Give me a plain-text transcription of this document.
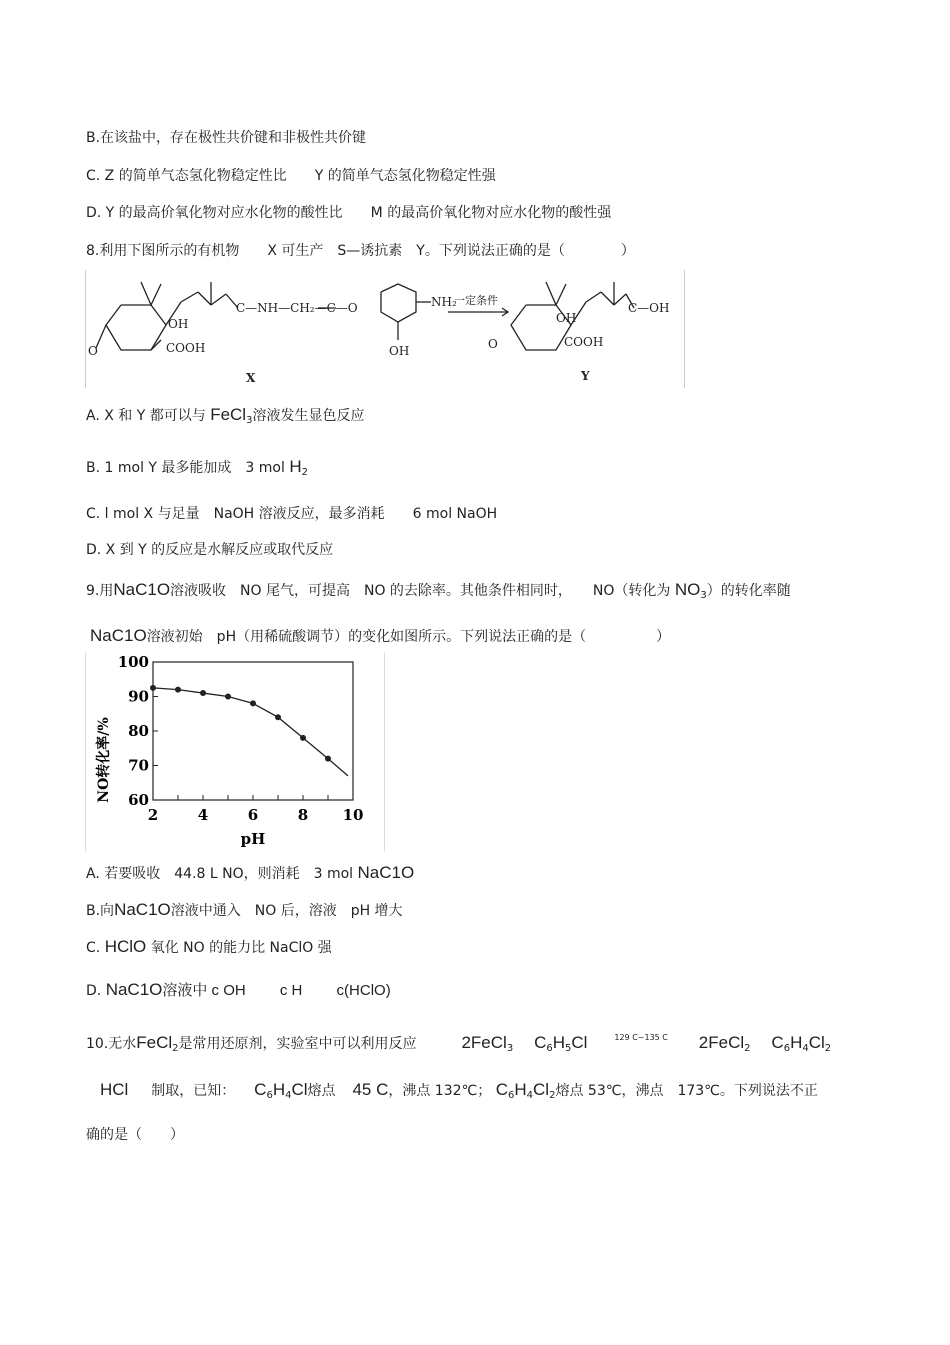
B.在该盐中，存在极性共价键和非极性共价键
C. Z 的简单气态氢化物稳定性比　　Y 的简单气态氢化物稳定性强
D. Y 的最高价氧化物对应水化物的酸性比　　M 的最高价氧化物对应水化物的酸性强
8.利用下图所示的有机物　　X 可生产　S—诱抗素　Y。下列说法正确的是（　　　　）
OH
COOH
O
C—NH—CH₂—C—O	NH₂
OH
X
一定条件
OH
COOH
O
C—OH
Y
A. X 和 Y 都可以与 FeCl$_3$溶液发生显色反应
B. 1 mol Y 最多能加成　3 mol $H_2$
C. l mol X 与足量　NaOH 溶液反应，最多消耗　　6 mol NaOH
D. X 到 Y 的反应是水解反应或取代反应
9.用NaC1O溶液吸收　NO 尾气，可提高　NO 的去除率。其他条件相同时，　　NO（转化为 $NO_3$）的转化率随
NaC1O溶液初始　pH（用稀硫酸调节）的变化如图所示。下列说法正确的是（　　　　　）
60
70
80
90
100
2	4	6	8 10
NO转化率/%
pH
A. 若要吸收　44.8 L NO，则消耗　3 mol NaC1O
B.向NaC1O溶液中通入　NO 后，溶液　pH 增大
C. HClO 氧化 NO 的能力比 NaClO 强
D. NaC1O溶液中 c OH　　 c H　　 c(HClO)
10.无水FeCl$_2$是常用还原剂，实验室中可以利用反应	2FeCl$_3$ $C_6H_5Cl$	$^{129 C\sim 135 C}$ 2FeCl$_2$ $C_6H_4Cl_2$
HCl 制取，已知： $C_6H_4Cl$熔点 45 C，沸点 132℃； $C_6H_4Cl_2$熔点 53℃，沸点　173℃。下列说法不正
确的是（　　）
